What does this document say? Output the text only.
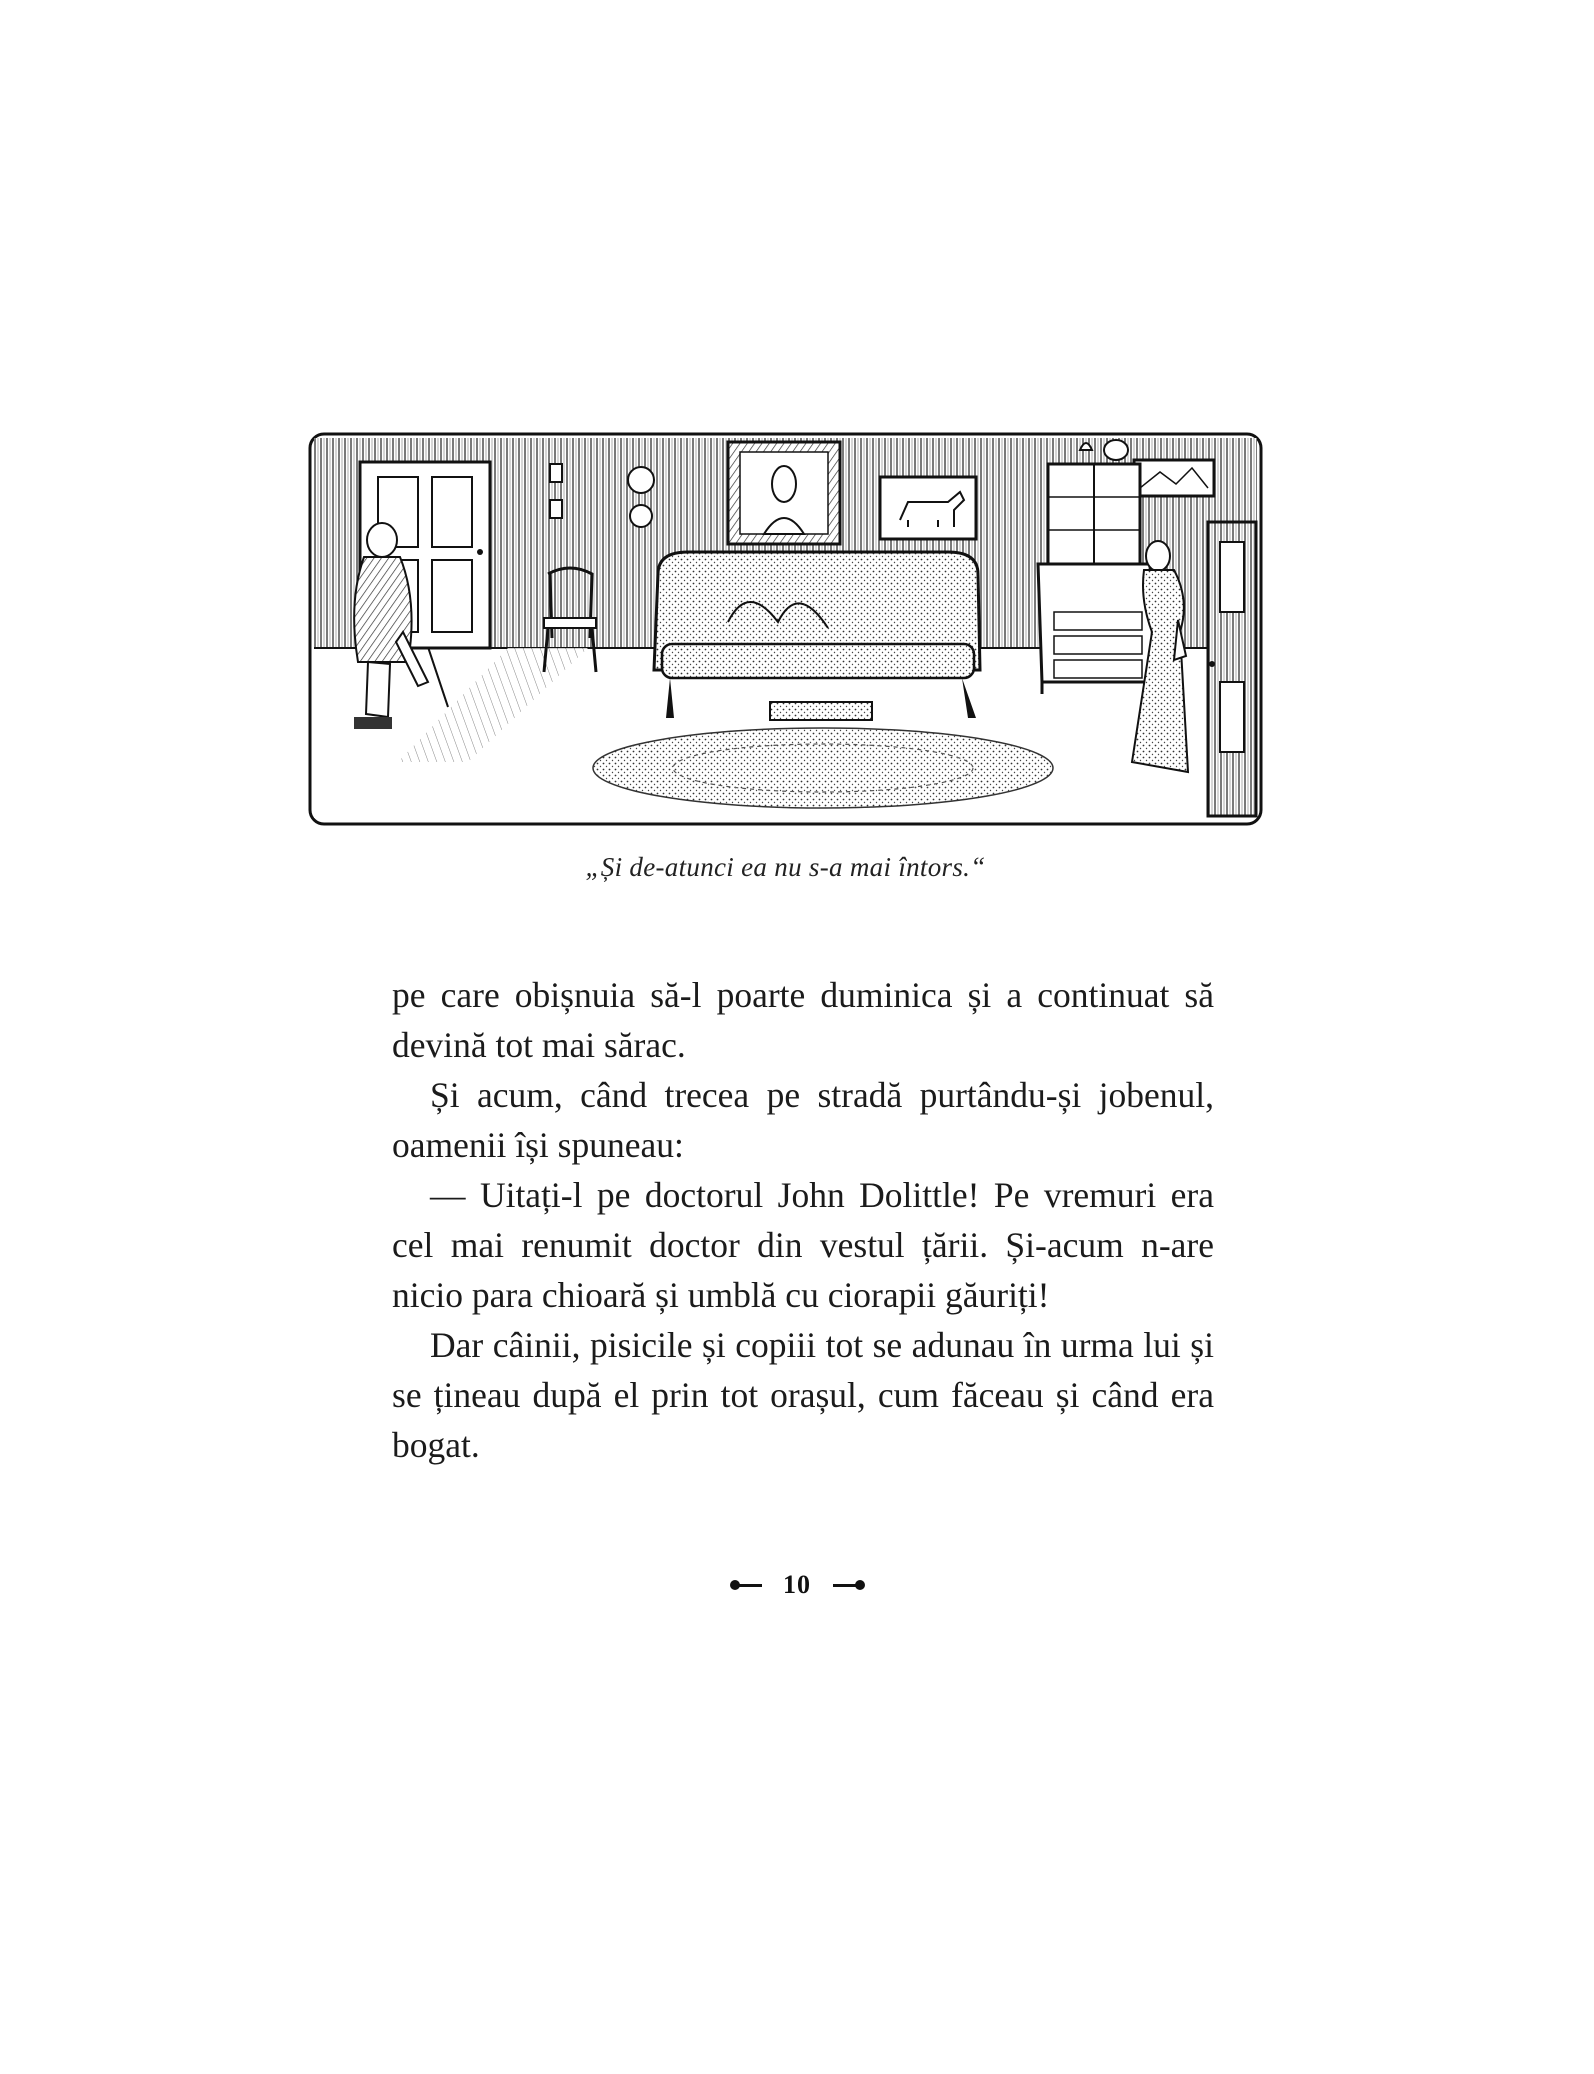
„Și de-atunci ea nu s-a mai întors.“

pe care obișnuia să-l poarte duminica și a continuat să devină tot mai sărac.

Și acum, când trecea pe stradă purtându-și jobenul, oamenii își spuneau:

— Uitați-l pe doctorul John Dolittle! Pe vremuri era cel mai renumit doctor din vestul țării. Și-acum n-are nicio para chioară și umblă cu ciorapii găuriți!

Dar câinii, pisicile și copiii tot se adunau în urma lui și se țineau după el prin tot orașul, cum făceau și când era bogat.

10
